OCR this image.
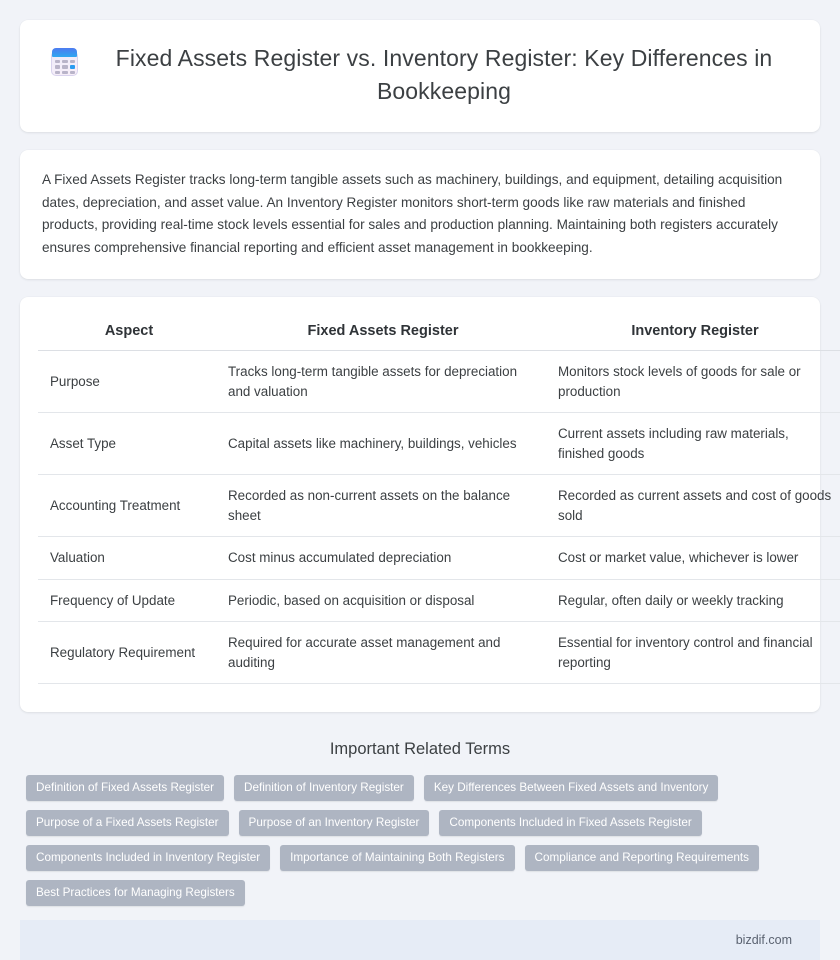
Fixed Assets Register vs. Inventory Register: Key Differences in Bookkeeping
A Fixed Assets Register tracks long-term tangible assets such as machinery, buildings, and equipment, detailing acquisition dates, depreciation, and asset value. An Inventory Register monitors short-term goods like raw materials and finished products, providing real-time stock levels essential for sales and production planning. Maintaining both registers accurately ensures comprehensive financial reporting and efficient asset management in bookkeeping.
Aspect	Fixed Assets Register	Inventory Register
Purpose	Tracks long-term tangible assets for depreciation and valuation	Monitors stock levels of goods for sale or production
Asset Type	Capital assets like machinery, buildings, vehicles	Current assets including raw materials, finished goods
Accounting Treatment	Recorded as non-current assets on the balance sheet	Recorded as current assets and cost of goods sold
Valuation	Cost minus accumulated depreciation	Cost or market value, whichever is lower
Frequency of Update	Periodic, based on acquisition or disposal	Regular, often daily or weekly tracking
Regulatory Requirement	Required for accurate asset management and auditing	Essential for inventory control and financial reporting
Important Related Terms
Definition of Fixed Assets Register	Definition of Inventory Register	Key Differences Between Fixed Assets and Inventory
Purpose of a Fixed Assets Register	Purpose of an Inventory Register	Components Included in Fixed Assets Register
Components Included in Inventory Register	Importance of Maintaining Both Registers	Compliance and Reporting Requirements
Best Practices for Managing Registers
bizdif.com
